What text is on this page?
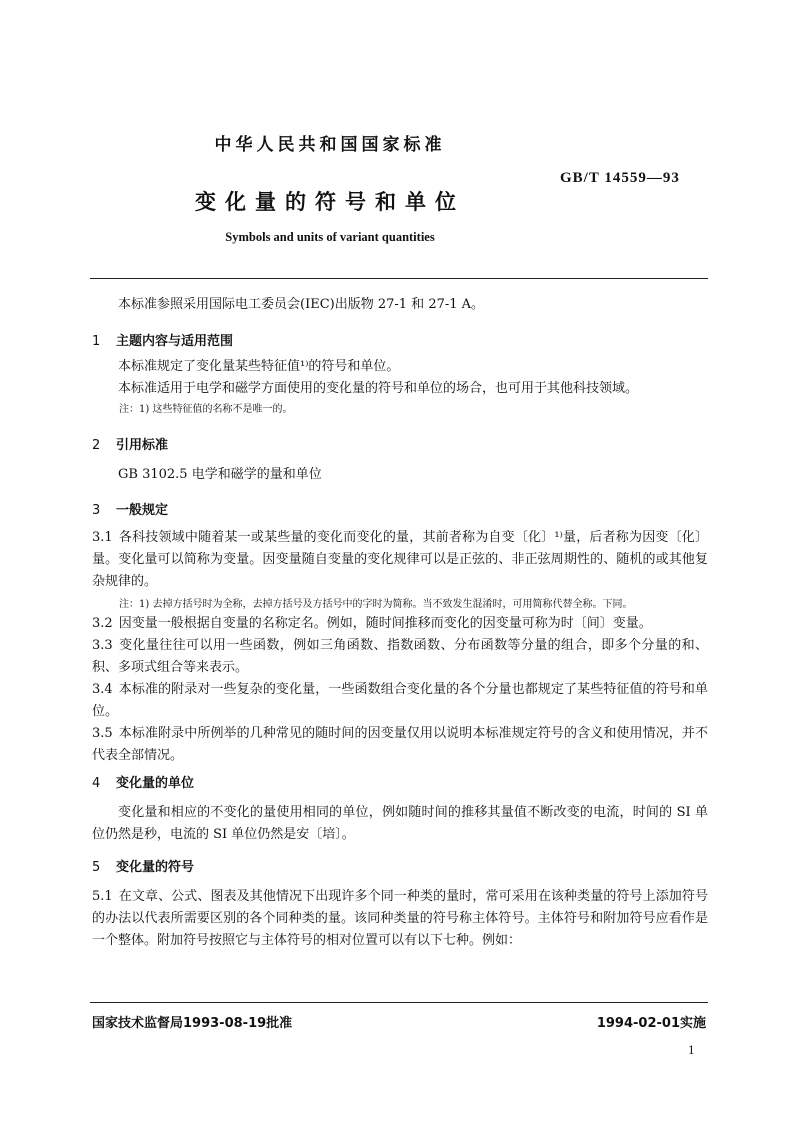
中华人民共和国国家标准
GB/T 14559—93
变化量的符号和单位
Symbols and units of variant quantities
本标准参照采用国际电工委员会(IEC)出版物 27-1 和 27-1 A。
1 主题内容与适用范围
本标准规定了变化量某些特征值¹⁾的符号和单位。
本标准适用于电学和磁学方面使用的变化量的符号和单位的场合，也可用于其他科技领域。
注：1) 这些特征值的名称不是唯一的。
2 引用标准
GB 3102.5 电学和磁学的量和单位
3 一般规定
3.1 各科技领域中随着某一或某些量的变化而变化的量，其前者称为自变〔化〕¹⁾量，后者称为因变〔化〕量。变化量可以简称为变量。因变量随自变量的变化规律可以是正弦的、非正弦周期性的、随机的或其他复杂规律的。
注：1) 去掉方括号时为全称，去掉方括号及方括号中的字时为简称。当不致发生混淆时，可用简称代替全称。下同。
3.2 因变量一般根据自变量的名称定名。例如，随时间推移而变化的因变量可称为时〔间〕变量。
3.3 变化量往往可以用一些函数，例如三角函数、指数函数、分布函数等分量的组合，即多个分量的和、积、多项式组合等来表示。
3.4 本标准的附录对一些复杂的变化量，一些函数组合变化量的各个分量也都规定了某些特征值的符号和单位。
3.5 本标准附录中所例举的几种常见的随时间的因变量仅用以说明本标准规定符号的含义和使用情况，并不代表全部情况。
4 变化量的单位
变化量和相应的不变化的量使用相同的单位，例如随时间的推移其量值不断改变的电流，时间的 SI 单位仍然是秒，电流的 SI 单位仍然是安〔培〕。
5 变化量的符号
5.1 在文章、公式、图表及其他情况下出现许多个同一种类的量时，常可采用在该种类量的符号上添加符号的办法以代表所需要区别的各个同种类的量。该同种类量的符号称主体符号。主体符号和附加符号应看作是一个整体。附加符号按照它与主体符号的相对位置可以有以下七种。例如：
国家技术监督局1993-08-19批准	1994-02-01实施
1
